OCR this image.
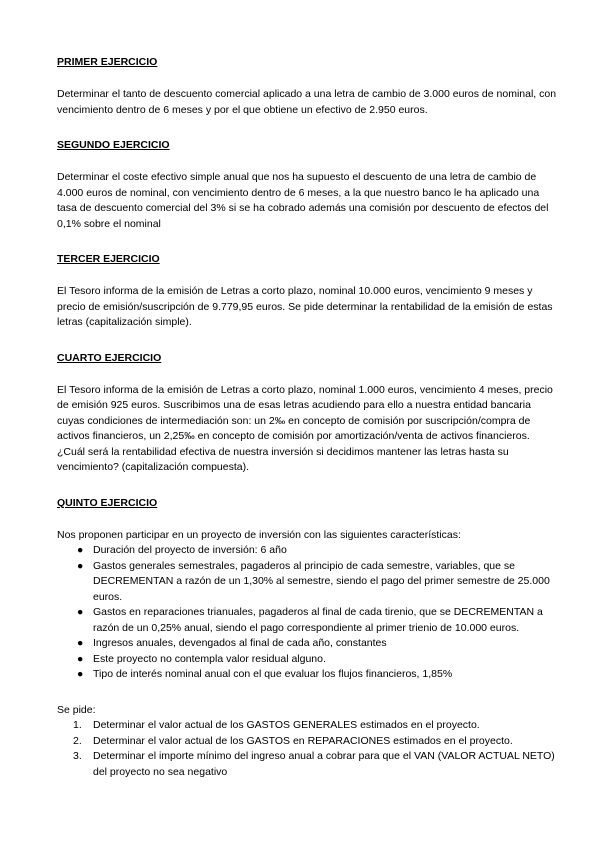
PRIMER EJERCICIO

Determinar el tanto de descuento comercial aplicado a una letra de cambio de 3.000 euros de nominal, con vencimiento dentro de 6 meses y por el que obtiene un efectivo de 2.950 euros.

SEGUNDO EJERCICIO

Determinar el coste efectivo simple anual que nos ha supuesto el descuento de una letra de cambio de 4.000 euros de nominal, con vencimiento dentro de 6 meses, a la que nuestro banco le ha aplicado una tasa de descuento comercial del 3% si se ha cobrado además una comisión por descuento de efectos del 0,1% sobre el nominal

TERCER EJERCICIO

El Tesoro informa de la emisión de Letras a corto plazo, nominal 10.000 euros, vencimiento 9 meses y precio de emisión/suscripción de 9.779,95 euros. Se pide determinar la rentabilidad de la emisión de estas letras (capitalización simple).

CUARTO EJERCICIO

El Tesoro informa de la emisión de Letras a corto plazo, nominal 1.000 euros, vencimiento 4 meses, precio de emisión 925 euros. Suscribimos una de esas letras acudiendo para ello a nuestra entidad bancaria cuyas condiciones de intermediación son: un 2‰ en concepto de comisión por suscripción/compra de activos financieros, un 2,25‰ en concepto de comisión por amortización/venta de activos financieros. ¿Cuál será la rentabilidad efectiva de nuestra inversión si decidimos mantener las letras hasta su vencimiento? (capitalización compuesta).

QUINTO EJERCICIO

Nos proponen participar en un proyecto de inversión con las siguientes características:

● Duración del proyecto de inversión: 6 año
● Gastos generales semestrales, pagaderos al principio de cada semestre, variables, que se DECREMENTAN a razón de un 1,30% al semestre, siendo el pago del primer semestre de 25.000 euros.
● Gastos en reparaciones trianuales, pagaderos al final de cada tirenio, que se DECREMENTAN a razón de un 0,25% anual, siendo el pago correspondiente al primer trienio de 10.000 euros.
● Ingresos anuales, devengados al final de cada año, constantes
● Este proyecto no contempla valor residual alguno.
● Tipo de interés nominal anual con el que evaluar los flujos financieros, 1,85%

Se pide:

1. Determinar el valor actual de los GASTOS GENERALES estimados en el proyecto.
2. Determinar el valor actual de los GASTOS en REPARACIONES estimados en el proyecto.
3. Determinar el importe mínimo del ingreso anual a cobrar para que el VAN (VALOR ACTUAL NETO) del proyecto no sea negativo
